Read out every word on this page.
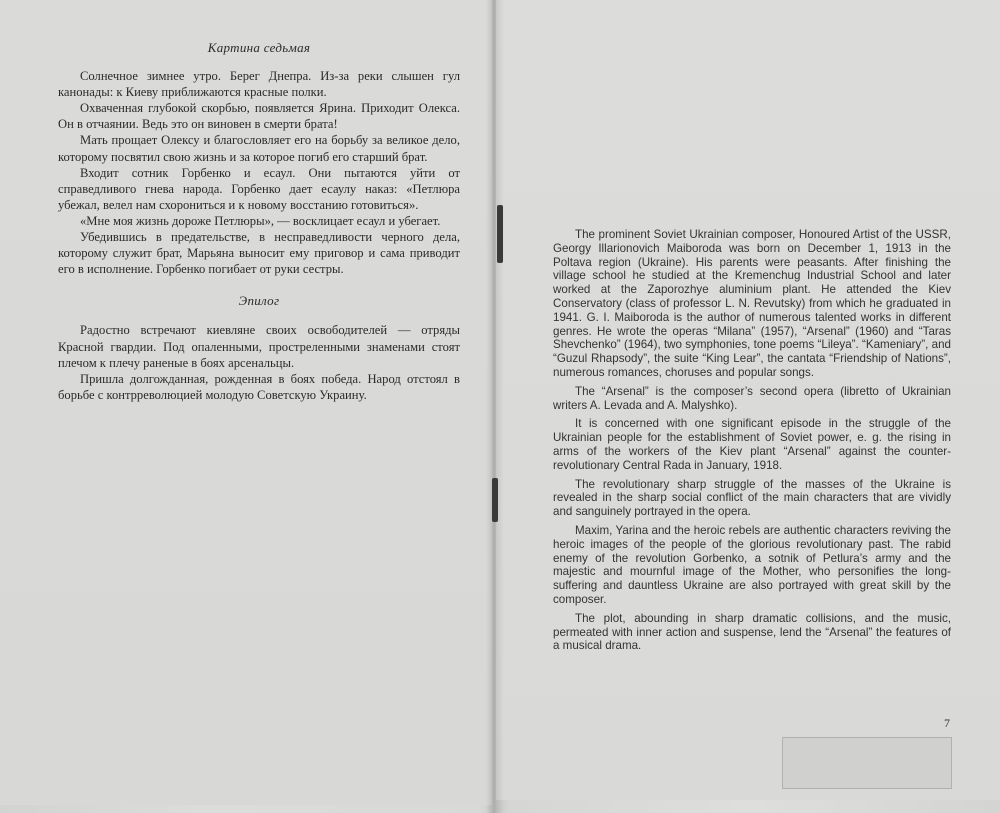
Картина седьмая

Солнечное зимнее утро. Берег Днепра. Из-за реки слышен гул канонады: к Киеву приближаются красные полки.

Охваченная глубокой скорбью, появляется Ярина. Приходит Олекса. Он в отчаянии. Ведь это он виновен в смерти брата!

Мать прощает Олексу и благословляет его на борьбу за великое дело, которому посвятил свою жизнь и за которое погиб его старший брат.

Входит сотник Горбенко и есаул. Они пытаются уйти от справедливого гнева народа. Горбенко дает есаулу наказ: «Петлюра убежал, велел нам схорониться и к новому восстанию готовиться».

«Мне моя жизнь дороже Петлюры», — восклицает есаул и убегает.

Убедившись в предательстве, в несправедливости черного дела, которому служит брат, Марьяна выносит ему приговор и сама приводит его в исполнение. Горбенко погибает от руки сестры.

Эпилог

Радостно встречают киевляне своих освободителей — отряды Красной гвардии. Под опаленными, простреленными знаменами стоят плечом к плечу раненые в боях арсенальцы.

Пришла долгожданная, рожденная в боях победа. Народ отстоял в борьбе с контрреволюцией молодую Советскую Украину.

The prominent Soviet Ukrainian composer, Honoured Artist of the USSR, Georgy Illarionovich Maiboroda was born on December 1, 1913 in the Poltava region (Ukraine). His parents were peasants. After finishing the village school he studied at the Kremenchug Industrial School and later worked at the Zaporozhye aluminium plant. He attended the Kiev Conservatory (class of professor L. N. Revutsky) from which he graduated in 1941. G. I. Maiboroda is the author of numerous talented works in different genres. He wrote the operas “Milana” (1957), “Arsenal” (1960) and “Taras Shevchenko” (1964), two symphonies, tone poems “Lileya”. “Kameniary”, and “Guzul Rhapsody”, the suite “King Lear”, the cantata “Friendship of Nations”, numerous romances, choruses and popular songs.

The “Arsenal” is the composer’s second opera (libretto of Ukrainian writers A. Levada and A. Malyshko).

It is concerned with one significant episode in the struggle of the Ukrainian people for the establishment of Soviet power, e. g. the rising in arms of the workers of the Kiev plant “Arsenal” against the counter-revolutionary Central Rada in January, 1918.

The revolutionary sharp struggle of the masses of the Ukraine is revealed in the sharp social conflict of the main characters that are vividly and sanguinely portrayed in the opera.

Maxim, Yarina and the heroic rebels are authentic characters reviving the heroic images of the people of the glorious revolutionary past. The rabid enemy of the revolution Gorbenko, a sotnik of Petlura’s army and the majestic and mournful image of the Mother, who personifies the long-suffering and dauntless Ukraine are also portrayed with great skill by the composer.

The plot, abounding in sharp dramatic collisions, and the music, permeated with inner action and suspense, lend the “Arsenal” the features of a musical drama.

7
